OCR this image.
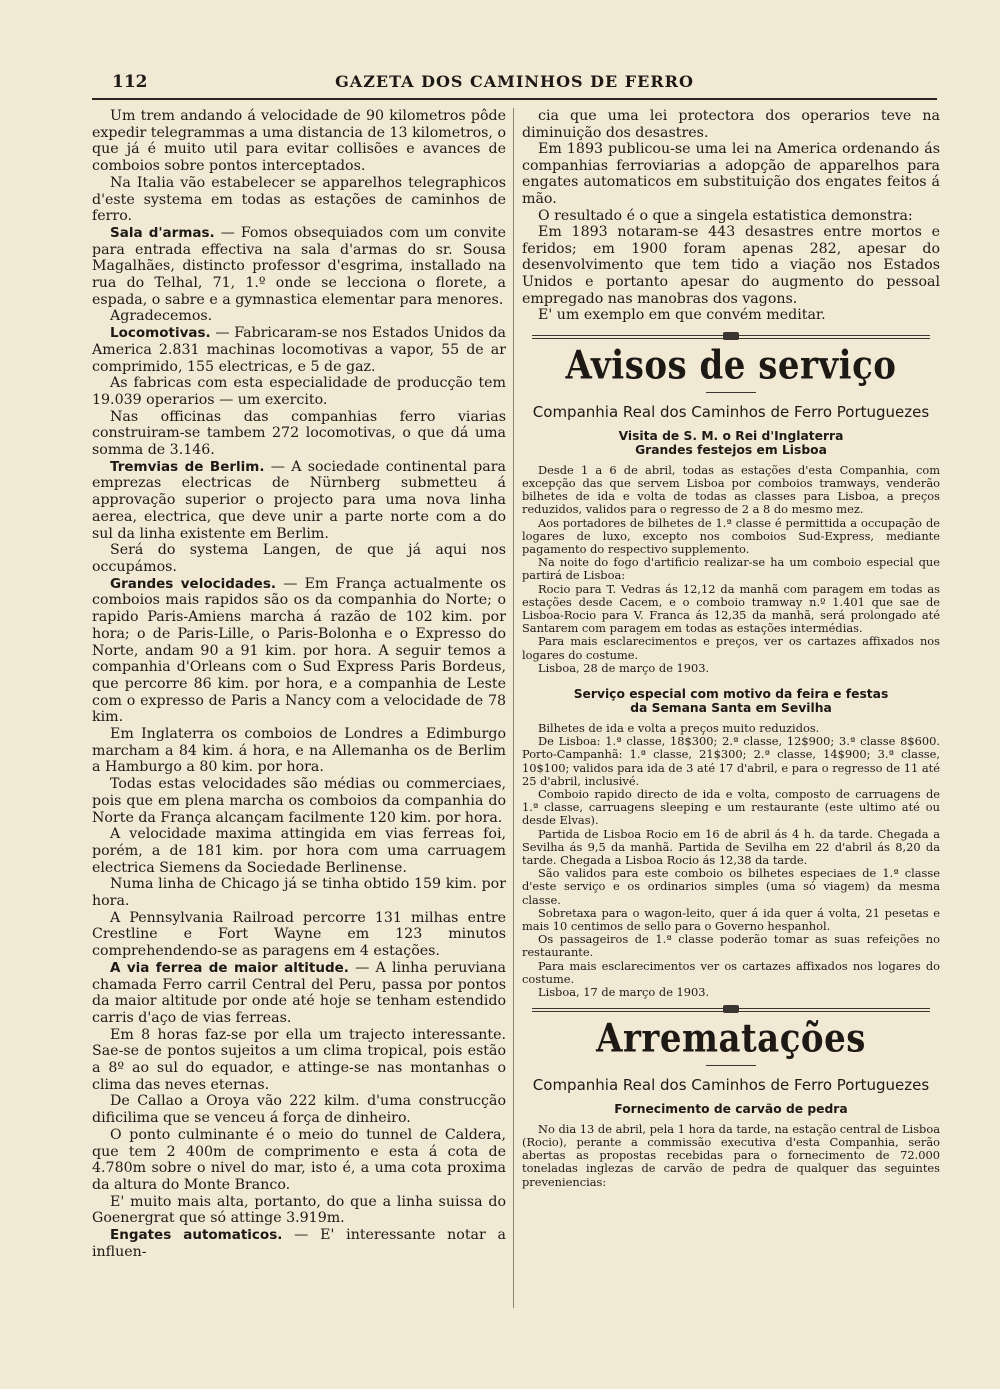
112	GAZETA DOS CAMINHOS DE FERRO

Um trem andando á velocidade de 90 kilometros pôde expedir telegrammas a uma distancia de 13 kilometros, o que já é muito util para evitar collisões e avances de comboios sobre pontos interceptados.

Na Italia vão estabelecer se apparelhos telegraphicos d'este systema em todas as estações de caminhos de ferro.

Sala d'armas. — Fomos obsequiados com um convite para entrada effectiva na sala d'armas do sr. Sousa Magalhães, distincto professor d'esgrima, installado na rua do Telhal, 71, 1.º onde se lecciona o florete, a espada, o sabre e a gymnastica elementar para menores.

Agradecemos.

Locomotivas. — Fabricaram-se nos Estados Unidos da America 2.831 machinas locomotivas a vapor, 55 de ar comprimido, 155 electricas, e 5 de gaz.

As fabricas com esta especialidade de producção tem 19.039 operarios — um exercito.

Nas officinas das companhias ferro viarias construiram-se tambem 272 locomotivas, o que dá uma somma de 3.146.

Tremvias de Berlim. — A sociedade continental para emprezas electricas de Nürnberg submetteu á approvação superior o projecto para uma nova linha aerea, electrica, que deve unir a parte norte com a do sul da linha existente em Berlim.

Será do systema Langen, de que já aqui nos occupámos.

Grandes velocidades. — Em França actualmente os comboios mais rapidos são os da companhia do Norte; o rapido Paris-Amiens marcha á razão de 102 kim. por hora; o de Paris-Lille, o Paris-Bolonha e o Expresso do Norte, andam 90 a 91 kim. por hora. A seguir temos a companhia d'Orleans com o Sud Express Paris Bordeus, que percorre 86 kim. por hora, e a companhia de Leste com o expresso de Paris a Nancy com a velocidade de 78 kim.

Em Inglaterra os comboios de Londres a Edimburgo marcham a 84 kim. á hora, e na Allemanha os de Berlim a Hamburgo a 80 kim. por hora.

Todas estas velocidades são médias ou commerciaes, pois que em plena marcha os comboios da companhia do Norte da França alcançam facilmente 120 kim. por hora.

A velocidade maxima attingida em vias ferreas foi, porém, a de 181 kim. por hora com uma carruagem electrica Siemens da Sociedade Berlinense.

Numa linha de Chicago já se tinha obtido 159 kim. por hora.

A Pennsylvania Railroad percorre 131 milhas entre Crestline e Fort Wayne em 123 minutos comprehendendo-se as paragens em 4 estações.

A via ferrea de maior altitude. — A linha peruviana chamada Ferro carril Central del Peru, passa por pontos da maior altitude por onde até hoje se tenham estendido carris d'aço de vias ferreas.

Em 8 horas faz-se por ella um trajecto interessante. Sae-se de pontos sujeitos a um clima tropical, pois estão a 8º ao sul do equador, e attinge-se nas montanhas o clima das neves eternas.

De Callao a Oroya vão 222 kilm. d'uma construcção dificilima que se venceu á força de dinheiro.

O ponto culminante é o meio do tunnel de Caldera, que tem 2 400m de comprimento e esta á cota de 4.780m sobre o nivel do mar, isto é, a uma cota proxima da altura do Monte Branco.

E' muito mais alta, portanto, do que a linha suissa do Goenergrat que só attinge 3.919m.

Engates automaticos. — E' interessante notar a influen-

cia que uma lei protectora dos operarios teve na diminuição dos desastres.

Em 1893 publicou-se uma lei na America ordenando ás companhias ferroviarias a adopção de apparelhos para engates automaticos em substituição dos engates feitos á mão.

O resultado é o que a singela estatistica demonstra:

Em 1893 notaram-se 443 desastres entre mortos e feridos; em 1900 foram apenas 282, apesar do desenvolvimento que tem tido a viação nos Estados Unidos e portanto apesar do augmento do pessoal empregado nas manobras dos vagons.

E' um exemplo em que convém meditar.

Avisos de serviço
Companhia Real dos Caminhos de Ferro Portuguezes
Visita de S. M. o Rei d'Inglaterra
Grandes festejos em Lisboa

Desde 1 a 6 de abril, todas as estações d'esta Companhia, com excepção das que servem Lisboa por comboios tramways, venderão bilhetes de ida e volta de todas as classes para Lisboa, a preços reduzidos, validos para o regresso de 2 a 8 do mesmo mez.

Aos portadores de bilhetes de 1.ª classe é permittida a occupação de logares de luxo, excepto nos comboios Sud-Express, mediante pagamento do respectivo supplemento.

Na noite do fogo d'artificio realizar-se ha um comboio especial que partirá de Lisboa:

Rocio para T. Vedras ás 12,12 da manhã com paragem em todas as estações desde Cacem, e o comboio tramway n.º 1.401 que sae de Lisboa-Rocio para V. Franca ás 12,35 da manhã, será prolongado até Santarem com paragem em todas as estações intermédias.

Para mais esclarecimentos e preços, ver os cartazes affixados nos logares do costume.

Lisboa, 28 de março de 1903.

Serviço especial com motivo da feira e festas
da Semana Santa em Sevilha

Bilhetes de ida e volta a preços muito reduzidos.

De Lisboa: 1.ª classe, 18$300; 2.ª classe, 12$900; 3.ª classe 8$600. Porto-Campanhã: 1.ª classe, 21$300; 2.ª classe, 14$900; 3.ª classe, 10$100; validos para ida de 3 até 17 d'abril, e para o regresso de 11 até 25 d'abril, inclusivé.

Comboio rapido directo de ida e volta, composto de carruagens de 1.ª classe, carruagens sleeping e um restaurante (este ultimo até ou desde Elvas).

Partida de Lisboa Rocio em 16 de abril ás 4 h. da tarde. Chegada a Sevilha ás 9,5 da manhã. Partida de Sevilha em 22 d'abril ás 8,20 da tarde. Chegada a Lisboa Rocio ás 12,38 da tarde.

São validos para este comboio os bilhetes especiaes de 1.ª classe d'este serviço e os ordinarios simples (uma só viagem) da mesma classe.

Sobretaxa para o wagon-leito, quer á ida quer á volta, 21 pesetas e mais 10 centimos de sello para o Governo hespanhol.

Os passageiros de 1.ª classe poderão tomar as suas refeições no restaurante.

Para mais esclarecimentos ver os cartazes affixados nos logares do costume.

Lisboa, 17 de março de 1903.

Arrematações
Companhia Real dos Caminhos de Ferro Portuguezes
Fornecimento de carvão de pedra

No dia 13 de abril, pela 1 hora da tarde, na estação central de Lisboa (Rocio), perante a commissão executiva d'esta Companhia, serão abertas as propostas recebidas para o fornecimento de 72.000 toneladas inglezas de carvão de pedra de qualquer das seguintes preveniencias:
